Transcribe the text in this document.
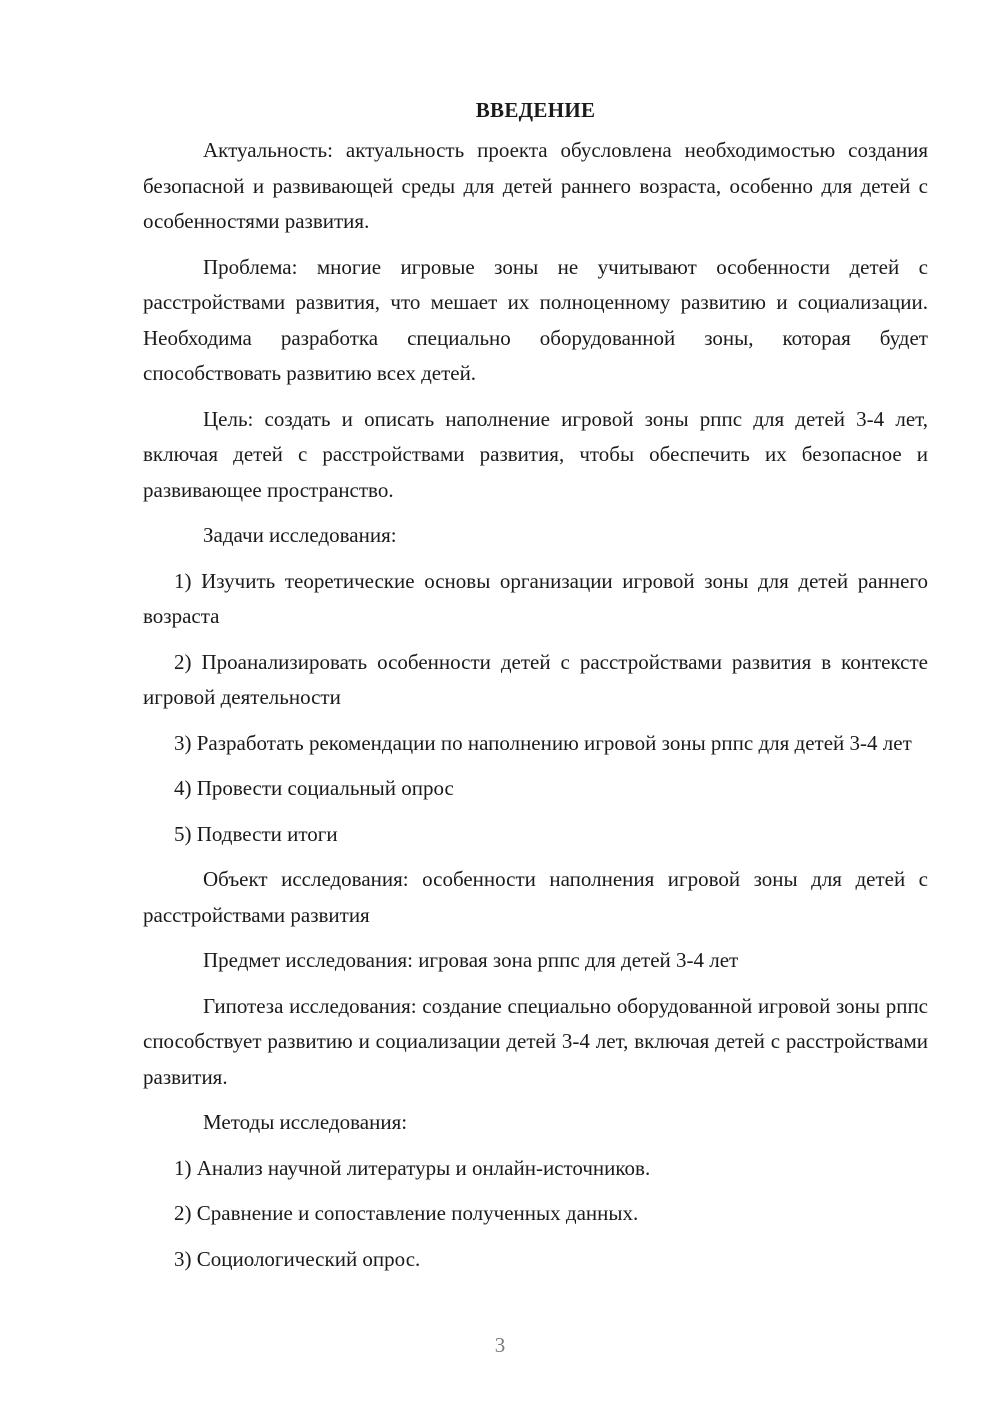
ВВЕДЕНИЕ

Актуальность: актуальность проекта обусловлена необходимостью создания безопасной и развивающей среды для детей раннего возраста, особенно для детей с особенностями развития.

Проблема: многие игровые зоны не учитывают особенности детей с расстройствами развития, что мешает их полноценному развитию и социализации. Необходима разработка специально оборудованной зоны, которая будет способствовать развитию всех детей.

Цель: создать и описать наполнение игровой зоны рппс для детей 3-4 лет, включая детей с расстройствами развития, чтобы обеспечить их безопасное и развивающее пространство.

Задачи исследования:

1) Изучить теоретические основы организации игровой зоны для детей раннего возраста

2) Проанализировать особенности детей с расстройствами развития в контексте игровой деятельности

3) Разработать рекомендации по наполнению игровой зоны рппс для детей 3-4 лет

4) Провести социальный опрос

5) Подвести итоги

Объект исследования: особенности наполнения игровой зоны для детей с расстройствами развития

Предмет исследования: игровая зона рппс для детей 3-4 лет

Гипотеза исследования: создание специально оборудованной игровой зоны рппс способствует развитию и социализации детей 3-4 лет, включая детей с расстройствами развития.

Методы исследования:

1) Анализ научной литературы и онлайн-источников.

2) Сравнение и сопоставление полученных данных.

3) Социологический опрос.

3
